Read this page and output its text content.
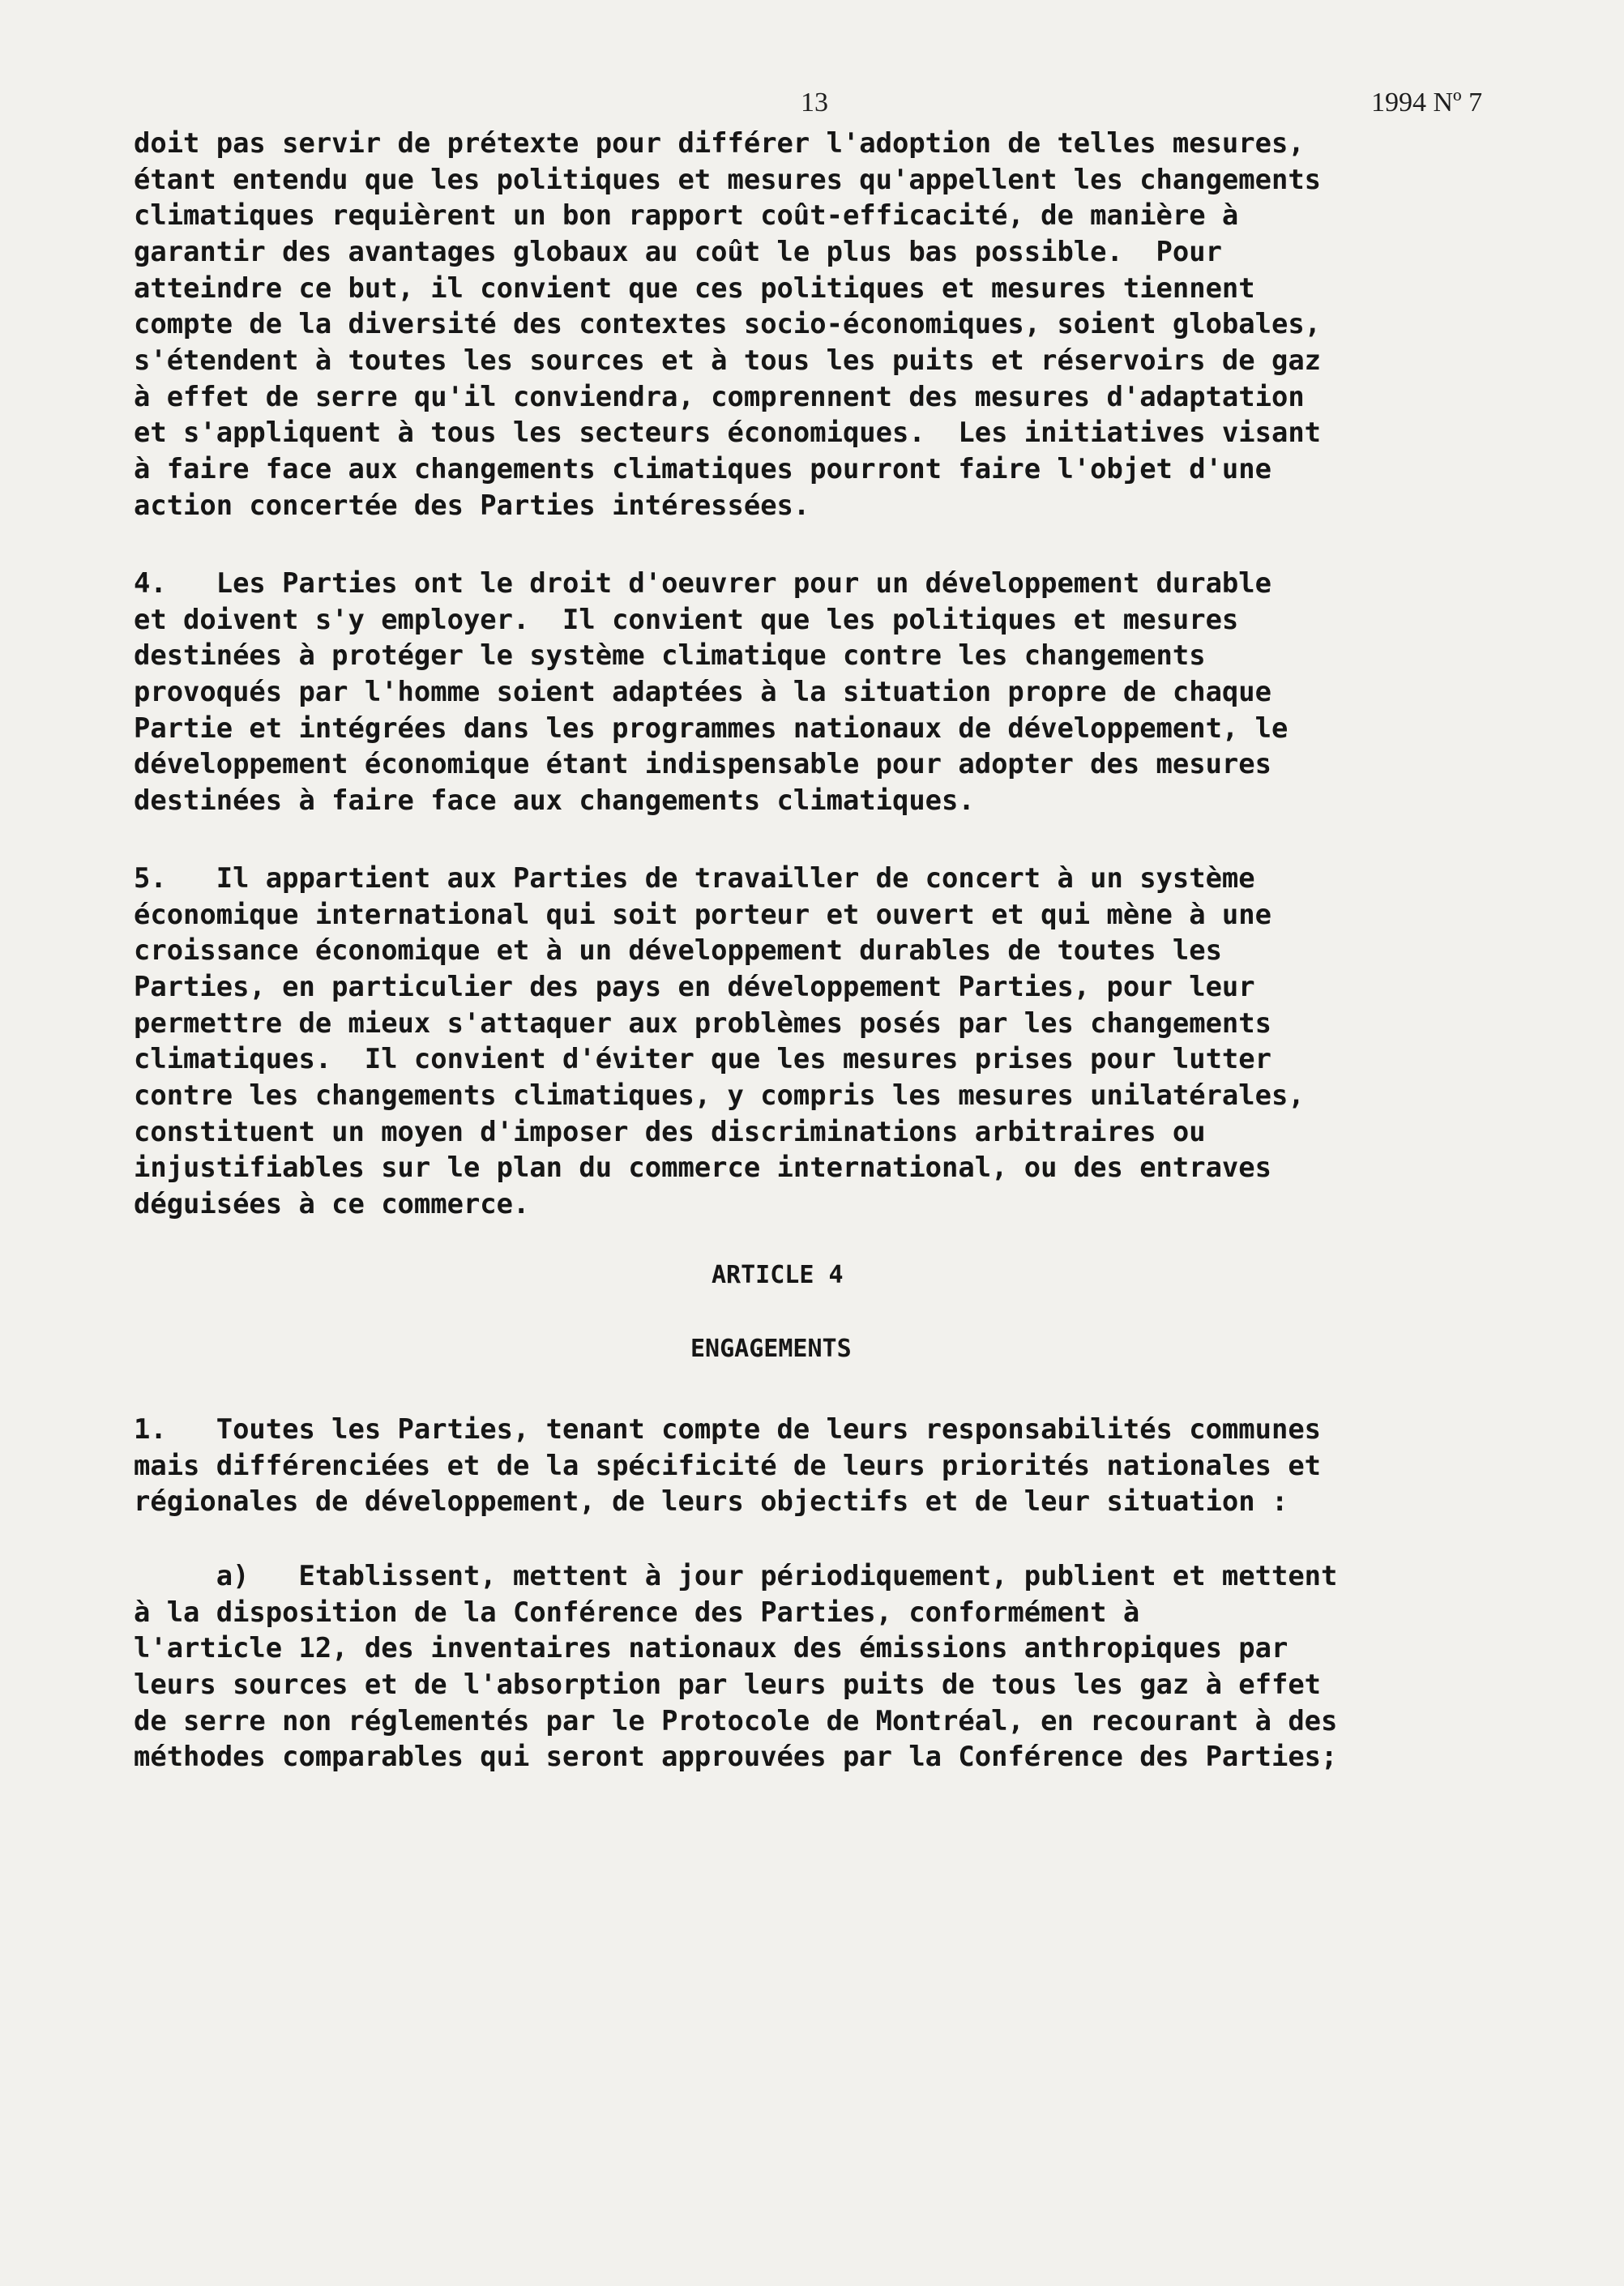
13	1994 Nº 7
doit pas servir de prétexte pour différer l'adoption de telles mesures,
étant entendu que les politiques et mesures qu'appellent les changements
climatiques requièrent un bon rapport coût-efficacité, de manière à
garantir des avantages globaux au coût le plus bas possible.  Pour
atteindre ce but, il convient que ces politiques et mesures tiennent
compte de la diversité des contextes socio-économiques, soient globales,
s'étendent à toutes les sources et à tous les puits et réservoirs de gaz
à effet de serre qu'il conviendra, comprennent des mesures d'adaptation
et s'appliquent à tous les secteurs économiques.  Les initiatives visant
à faire face aux changements climatiques pourront faire l'objet d'une
action concertée des Parties intéressées.
4.   Les Parties ont le droit d'oeuvrer pour un développement durable
et doivent s'y employer.  Il convient que les politiques et mesures
destinées à protéger le système climatique contre les changements
provoqués par l'homme soient adaptées à la situation propre de chaque
Partie et intégrées dans les programmes nationaux de développement, le
développement économique étant indispensable pour adopter des mesures
destinées à faire face aux changements climatiques.
5.   Il appartient aux Parties de travailler de concert à un système
économique international qui soit porteur et ouvert et qui mène à une
croissance économique et à un développement durables de toutes les
Parties, en particulier des pays en développement Parties, pour leur
permettre de mieux s'attaquer aux problèmes posés par les changements
climatiques.  Il convient d'éviter que les mesures prises pour lutter
contre les changements climatiques, y compris les mesures unilatérales,
constituent un moyen d'imposer des discriminations arbitraires ou
injustifiables sur le plan du commerce international, ou des entraves
déguisées à ce commerce.
ARTICLE 4
ENGAGEMENTS
1.   Toutes les Parties, tenant compte de leurs responsabilités communes
mais différenciées et de la spécificité de leurs priorités nationales et
régionales de développement, de leurs objectifs et de leur situation :
a)   Etablissent, mettent à jour périodiquement, publient et mettent
à la disposition de la Conférence des Parties, conformément à
l'article 12, des inventaires nationaux des émissions anthropiques par
leurs sources et de l'absorption par leurs puits de tous les gaz à effet
de serre non réglementés par le Protocole de Montréal, en recourant à des
méthodes comparables qui seront approuvées par la Conférence des Parties;
